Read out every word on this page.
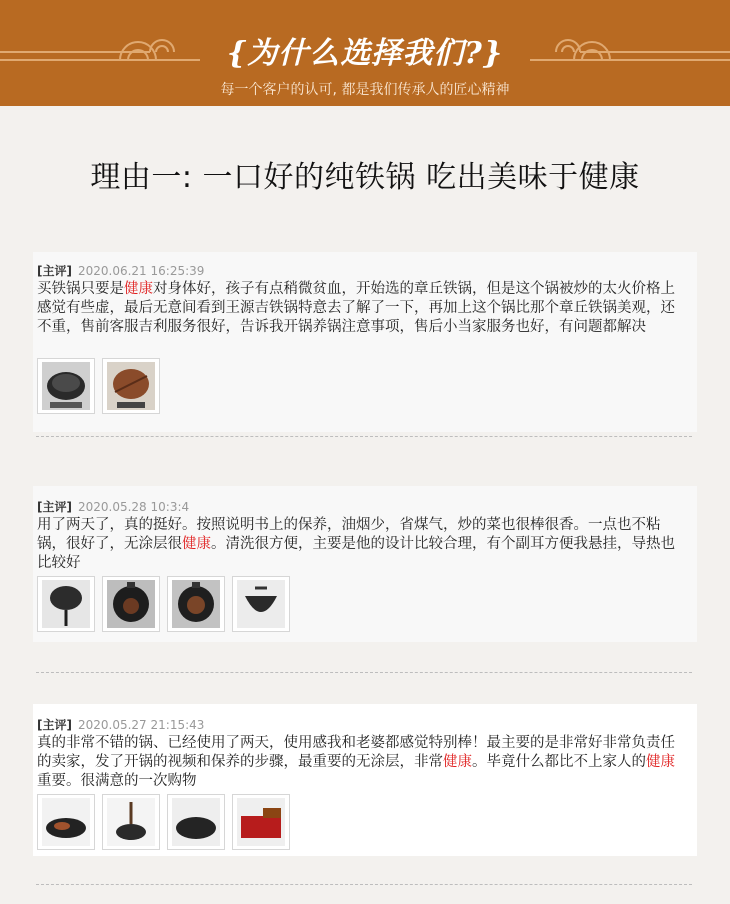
{为什么选择我们?}
每一个客户的认可, 都是我们传承人的匠心精神
理由一: 一口好的纯铁锅 吃出美味于健康
[主评] 2020.06.21 16:25:39
买铁锅只要是健康对身体好，孩子有点稍微贫血，开始选的章丘铁锅，但是这个锅被炒的太火价格上感觉有些虚，最后无意间看到王源吉铁锅特意去了解了一下，再加上这个锅比那个章丘铁锅美观，还不重，售前客服吉利服务很好，告诉我开锅养锅注意事项，售后小当家服务也好，有问题都解决
[主评] 2020.05.28 10:3:4
用了两天了，真的挺好。按照说明书上的保养，油烟少，省煤气，炒的菜也很棒很香。一点也不粘锅，很好了，无涂层很健康。清洗很方便，主要是他的设计比较合理，有个副耳方便我悬挂，导热也比较好
[主评] 2020.05.27 21:15:43
真的非常不错的锅、已经使用了两天，使用感我和老婆都感觉特别棒！最主要的是非常好非常负责任的卖家，发了开锅的视频和保养的步骤，最重要的无涂层，非常健康。毕竟什么都比不上家人的健康重要。很满意的一次购物
